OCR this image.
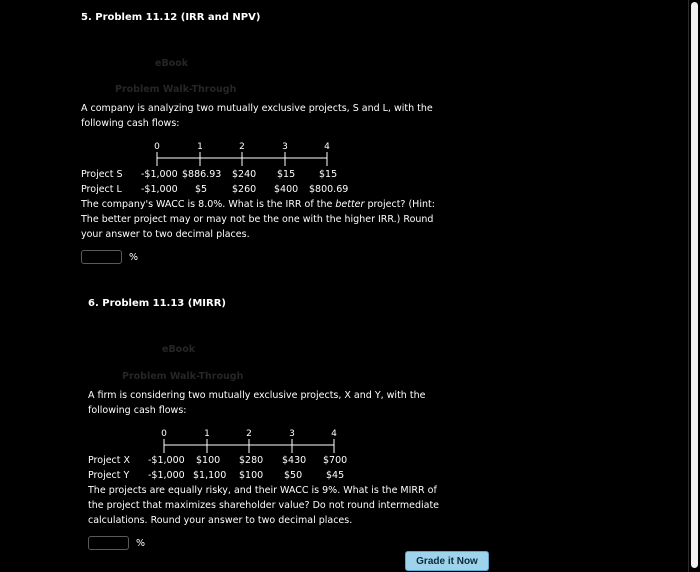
5. Problem 11.12 (IRR and NPV)
eBook
Problem Walk-Through
A company is analyzing two mutually exclusive projects, S and L, with the
following cash flows:
0	1	2	3	4
Project S -$1,000 $886.93 $240 $15	$15
Project L -$1,000 $5	$260 $400 $800.69
The company's WACC is 8.0%. What is the IRR of the better project? (Hint:
The better project may or may not be the one with the higher IRR.) Round
your answer to two decimal places.
%
6. Problem 11.13 (MIRR)
eBook
Problem Walk-Through
A firm is considering two mutually exclusive projects, X and Y, with the
following cash flows:
0	1	2	3	4
Project X -$1,000 $100 $280 $430 $700
Project Y -$1,000 $1,100 $100 $50	$45
The projects are equally risky, and their WACC is 9%. What is the MIRR of
the project that maximizes shareholder value? Do not round intermediate
calculations. Round your answer to two decimal places.
%
Grade it Now
